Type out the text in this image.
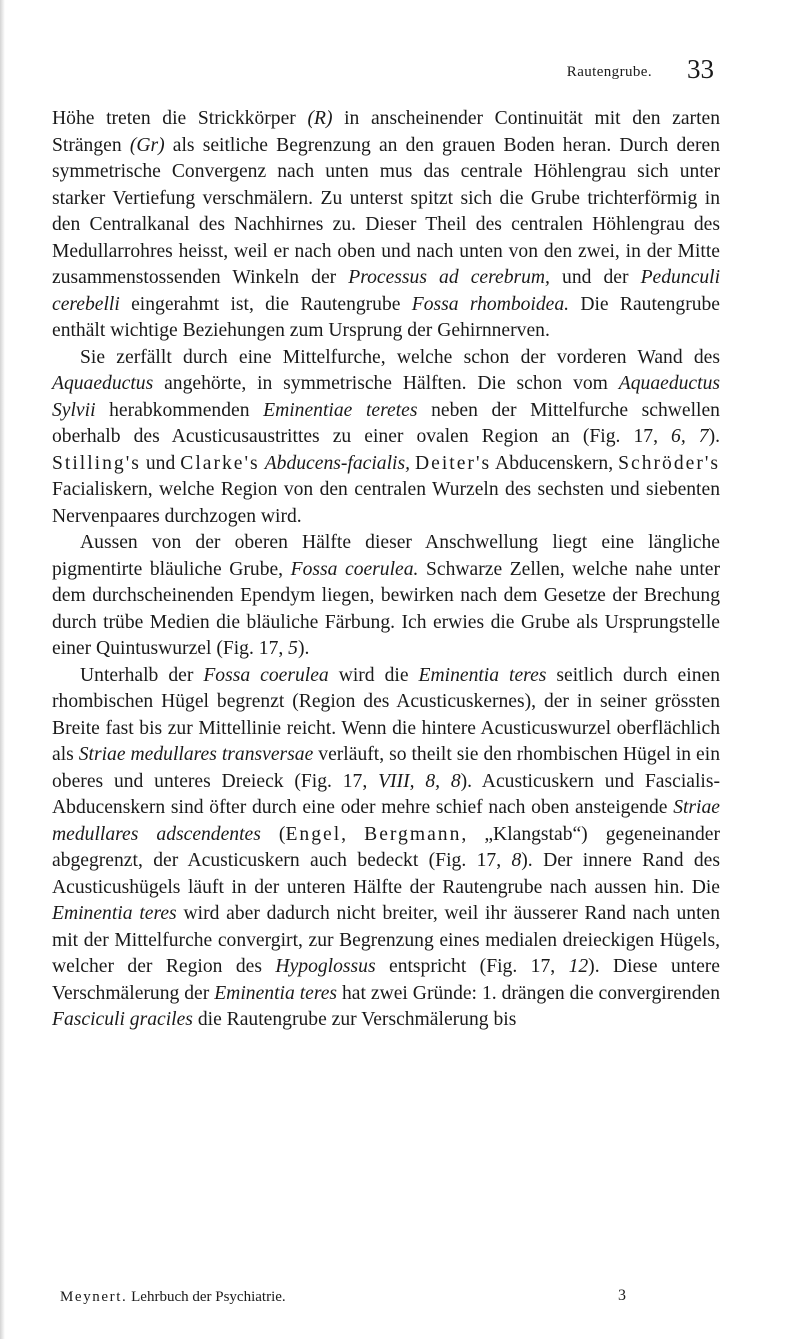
Rautengrube. 33

Höhe treten die Strickkörper (R) in anscheinender Continuität mit den zarten Strängen (Gr) als seitliche Begrenzung an den grauen Boden heran. Durch deren symmetrische Convergenz nach unten mus das centrale Höhlengrau sich unter starker Vertiefung verschmälern. Zu unterst spitzt sich die Grube trichterförmig in den Centralkanal des Nachhirnes zu. Dieser Theil des centralen Höhlengrau des Medullarrohres heisst, weil er nach oben und nach unten von den zwei, in der Mitte zusammenstossenden Winkeln der Processus ad cerebrum, und der Pedunculi cerebelli eingerahmt ist, die Rautengrube Fossa rhomboidea. Die Rautengrube enthält wichtige Beziehungen zum Ursprung der Gehirnnerven.

Sie zerfällt durch eine Mittelfurche, welche schon der vorderen Wand des Aquaeductus angehörte, in symmetrische Hälften. Die schon vom Aquaeductus Sylvii herabkommenden Eminentiae teretes neben der Mittelfurche schwellen oberhalb des Acusticusaustrittes zu einer ovalen Region an (Fig. 17, 6, 7). Stilling's und Clarke's Abducens-facialis, Deiter's Abducenskern, Schröder's Facialiskern, welche Region von den centralen Wurzeln des sechsten und siebenten Nervenpaares durchzogen wird.

Aussen von der oberen Hälfte dieser Anschwellung liegt eine längliche pigmentirte bläuliche Grube, Fossa coerulea. Schwarze Zellen, welche nahe unter dem durchscheinenden Ependym liegen, bewirken nach dem Gesetze der Brechung durch trübe Medien die bläuliche Färbung. Ich erwies die Grube als Ursprungstelle einer Quintuswurzel (Fig. 17, 5).

Unterhalb der Fossa coerulea wird die Eminentia teres seitlich durch einen rhombischen Hügel begrenzt (Region des Acusticuskernes), der in seiner grössten Breite fast bis zur Mittellinie reicht. Wenn die hintere Acusticuswurzel oberflächlich als Striae medullares transversae verläuft, so theilt sie den rhombischen Hügel in ein oberes und unteres Dreieck (Fig. 17, VIII, 8, 8). Acusticuskern und Fascialis-Abducenskern sind öfter durch eine oder mehre schief nach oben ansteigende Striae medullares adscendentes (Engel, Bergmann, „Klangstab“) gegeneinander abgegrenzt, der Acusticuskern auch bedeckt (Fig. 17, 8). Der innere Rand des Acusticushügels läuft in der unteren Hälfte der Rautengrube nach aussen hin. Die Eminentia teres wird aber dadurch nicht breiter, weil ihr äusserer Rand nach unten mit der Mittelfurche convergirt, zur Begrenzung eines medialen dreieckigen Hügels, welcher der Region des Hypoglossus entspricht (Fig. 17, 12). Diese untere Verschmälerung der Eminentia teres hat zwei Gründe: 1. drängen die convergirenden Fasciculi graciles die Rautengrube zur Verschmälerung bis

Meynert. Lehrbuch der Psychiatrie.	3
